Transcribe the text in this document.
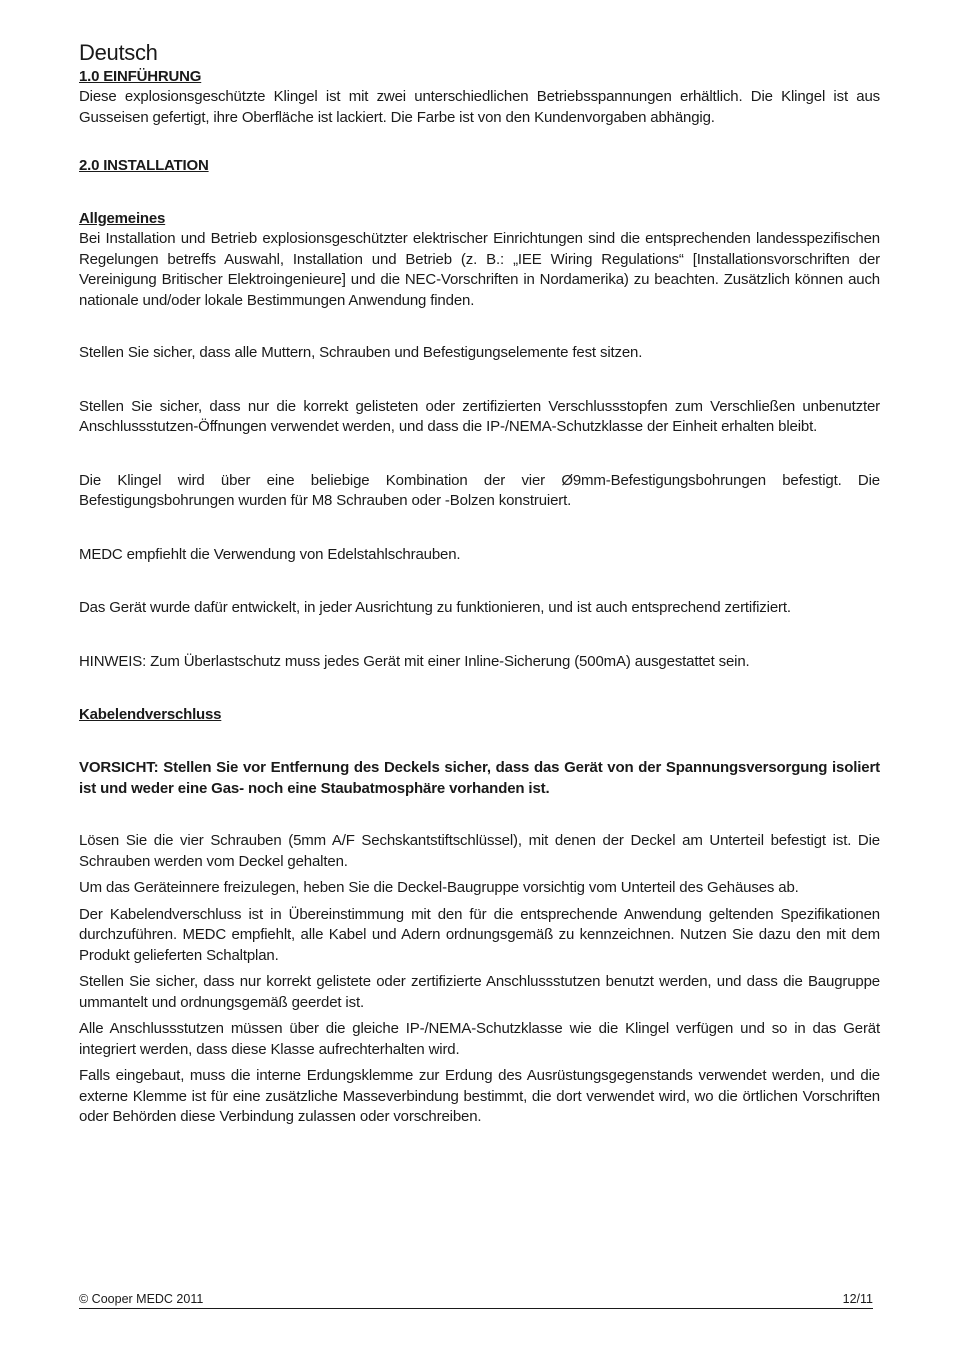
Deutsch
1.0 EINFÜHRUNG

Diese explosionsgeschützte Klingel ist mit zwei unterschiedlichen Betriebsspannungen erhältlich. Die Klingel ist aus Gusseisen gefertigt, ihre Oberfläche ist lackiert. Die Farbe ist von den Kundenvorgaben abhängig.

2.0 INSTALLATION
Allgemeines

Bei Installation und Betrieb explosionsgeschützter elektrischer Einrichtungen sind die entsprechenden landesspezifischen Regelungen betreffs Auswahl, Installation und Betrieb (z. B.: „IEE Wiring Regulations“ [Installationsvorschriften der Vereinigung Britischer Elektroingenieure] und die NEC-Vorschriften in Nordamerika) zu beachten. Zusätzlich können auch nationale und/oder lokale Bestimmungen Anwendung finden.

Stellen Sie sicher, dass alle Muttern, Schrauben und Befestigungselemente fest sitzen.

Stellen Sie sicher, dass nur die korrekt gelisteten oder zertifizierten Verschlussstopfen zum Verschließen unbenutzter Anschlussstutzen-Öffnungen verwendet werden, und dass die IP-/NEMA-Schutzklasse der Einheit erhalten bleibt.

Die Klingel wird über eine beliebige Kombination der vier Ø9mm-Befestigungsbohrungen befestigt. Die Befestigungsbohrungen wurden für M8 Schrauben oder -Bolzen konstruiert.

MEDC empfiehlt die Verwendung von Edelstahlschrauben.

Das Gerät wurde dafür entwickelt, in jeder Ausrichtung zu funktionieren, und ist auch entsprechend zertifiziert.

HINWEIS: Zum Überlastschutz muss jedes Gerät mit einer Inline-Sicherung (500mA) ausgestattet sein.

Kabelendverschluss

VORSICHT: Stellen Sie vor Entfernung des Deckels sicher, dass das Gerät von der Spannungsversorgung isoliert ist und weder eine Gas- noch eine Staubatmosphäre vorhanden ist.

Lösen Sie die vier Schrauben (5mm A/F Sechskantstiftschlüssel), mit denen der Deckel am Unterteil befestigt ist. Die Schrauben werden vom Deckel gehalten.

Um das Geräteinnere freizulegen, heben Sie die Deckel-Baugruppe vorsichtig vom Unterteil des Gehäuses ab.

Der Kabelendverschluss ist in Übereinstimmung mit den für die entsprechende Anwendung geltenden Spezifikationen durchzuführen. MEDC empfiehlt, alle Kabel und Adern ordnungsgemäß zu kennzeichnen. Nutzen Sie dazu den mit dem Produkt gelieferten Schaltplan.

Stellen Sie sicher, dass nur korrekt gelistete oder zertifizierte Anschlussstutzen benutzt werden, und dass die Baugruppe ummantelt und ordnungsgemäß geerdet ist.

Alle Anschlussstutzen müssen über die gleiche IP-/NEMA-Schutzklasse wie die Klingel verfügen und so in das Gerät integriert werden, dass diese Klasse aufrechterhalten wird.

Falls eingebaut, muss die interne Erdungsklemme zur Erdung des Ausrüstungsgegenstands verwendet werden, und die externe Klemme ist für eine zusätzliche Masseverbindung bestimmt, die dort verwendet wird, wo die örtlichen Vorschriften oder Behörden diese Verbindung zulassen oder vorschreiben.

© Cooper MEDC 2011	12/11
